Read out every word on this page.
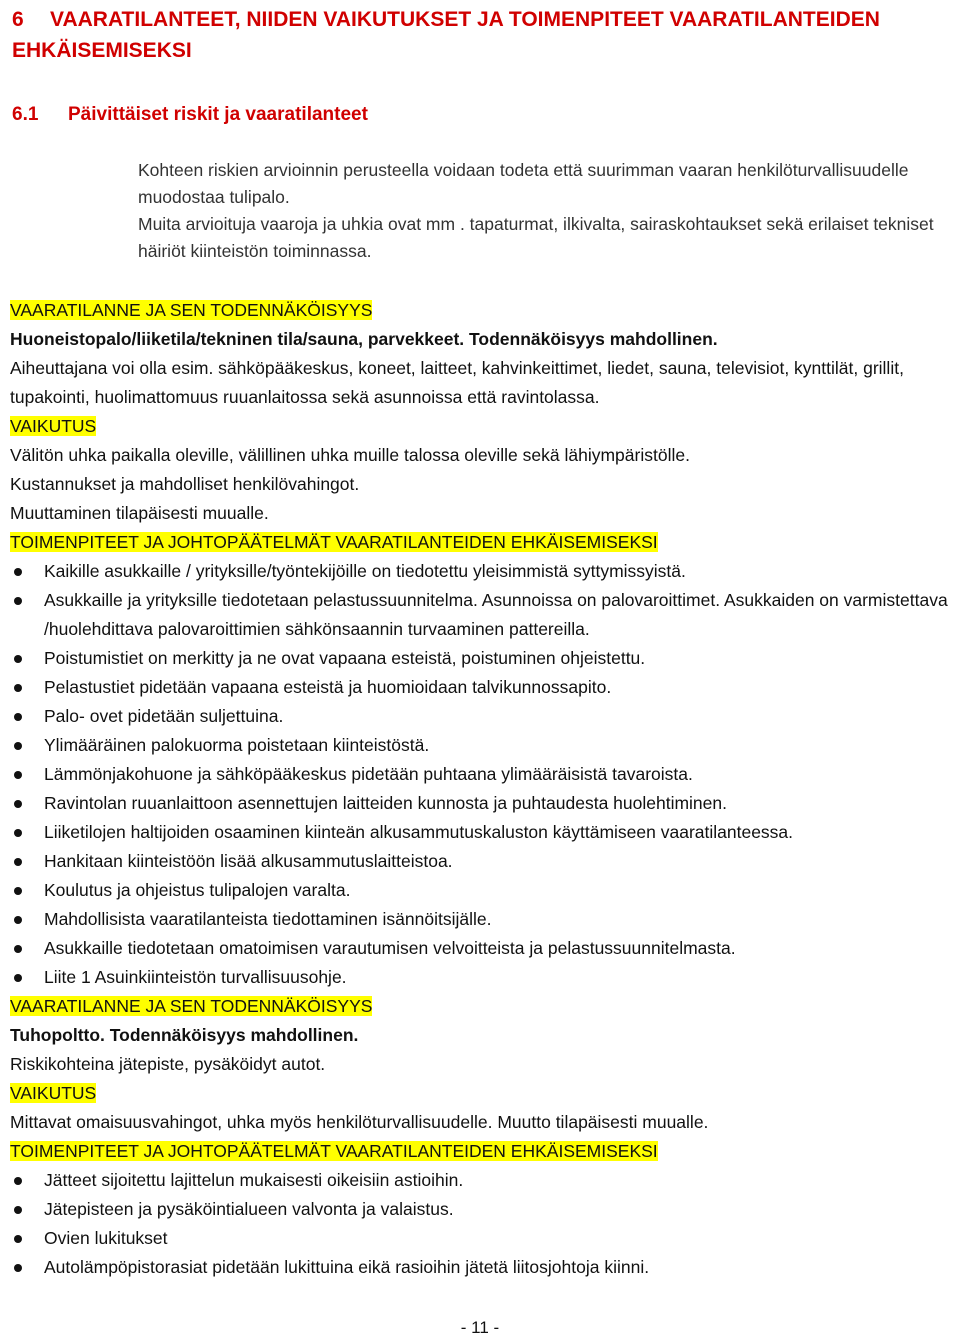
6 VAARATILANTEET, NIIDEN VAIKUTUKSET JA TOIMENPITEET VAARATILANTEIDEN EHKÄISEMISEKSI
6.1 Päivittäiset riskit ja vaaratilanteet

Kohteen riskien arvioinnin perusteella voidaan todeta että suurimman vaaran henkilöturvallisuudelle muodostaa tulipalo.

Muita arvioituja vaaroja ja uhkia ovat mm . tapaturmat, ilkivalta, sairaskohtaukset sekä erilaiset tekniset häiriöt kiinteistön toiminnassa.

VAARATILANNE JA SEN TODENNÄKÖISYYS

Huoneistopalo/liiketila/tekninen tila/sauna, parvekkeet. Todennäköisyys mahdollinen.

Aiheuttajana voi olla esim. sähköpääkeskus, koneet, laitteet, kahvinkeittimet, liedet, sauna, televisiot, kynttilät, grillit, tupakointi, huolimattomuus ruuanlaitossa sekä asunnoissa että ravintolassa.

VAIKUTUS

Välitön uhka paikalla oleville, välillinen uhka muille talossa oleville sekä lähiympäristölle.

Kustannukset ja mahdolliset henkilövahingot.

Muuttaminen tilapäisesti muualle.

TOIMENPITEET JA JOHTOPÄÄTELMÄT VAARATILANTEIDEN EHKÄISEMISEKSI

Kaikille asukkaille / yrityksille/työntekijöille on tiedotettu yleisimmistä syttymissyistä.
Asukkaille ja yrityksille tiedotetaan pelastussuunnitelma. Asunnoissa on palovaroittimet. Asukkaiden on varmistettava /huolehdittava palovaroittimien sähkönsaannin turvaaminen pattereilla.
Poistumistiet on merkitty ja ne ovat vapaana esteistä, poistuminen ohjeistettu.
Pelastustiet pidetään vapaana esteistä ja huomioidaan talvikunnossapito.
Palo- ovet pidetään suljettuina.
Ylimääräinen palokuorma poistetaan kiinteistöstä.
Lämmönjakohuone ja sähköpääkeskus pidetään puhtaana ylimääräisistä tavaroista.
Ravintolan ruuanlaittoon asennettujen laitteiden kunnosta ja puhtaudesta huolehtiminen.
Liiketilojen haltijoiden osaaminen kiinteän alkusammutuskaluston käyttämiseen vaaratilanteessa.
Hankitaan kiinteistöön lisää alkusammutuslaitteistoa.
Koulutus ja ohjeistus tulipalojen varalta.
Mahdollisista vaaratilanteista tiedottaminen isännöitsijälle.
Asukkaille tiedotetaan omatoimisen varautumisen velvoitteista ja pelastussuunnitelmasta.
Liite 1 Asuinkiinteistön turvallisuusohje.

VAARATILANNE JA SEN TODENNÄKÖISYYS

Tuhopoltto. Todennäköisyys mahdollinen.

Riskikohteina jätepiste, pysäköidyt autot.

VAIKUTUS

Mittavat omaisuusvahingot, uhka myös henkilöturvallisuudelle. Muutto tilapäisesti muualle.

TOIMENPITEET JA JOHTOPÄÄTELMÄT VAARATILANTEIDEN EHKÄISEMISEKSI

Jätteet sijoitettu lajittelun mukaisesti oikeisiin astioihin.
Jätepisteen ja pysäköintialueen valvonta ja valaistus.
Ovien lukitukset
Autolämpöpistorasiat pidetään lukittuina eikä rasioihin jätetä liitosjohtoja kiinni.
- 11 -
